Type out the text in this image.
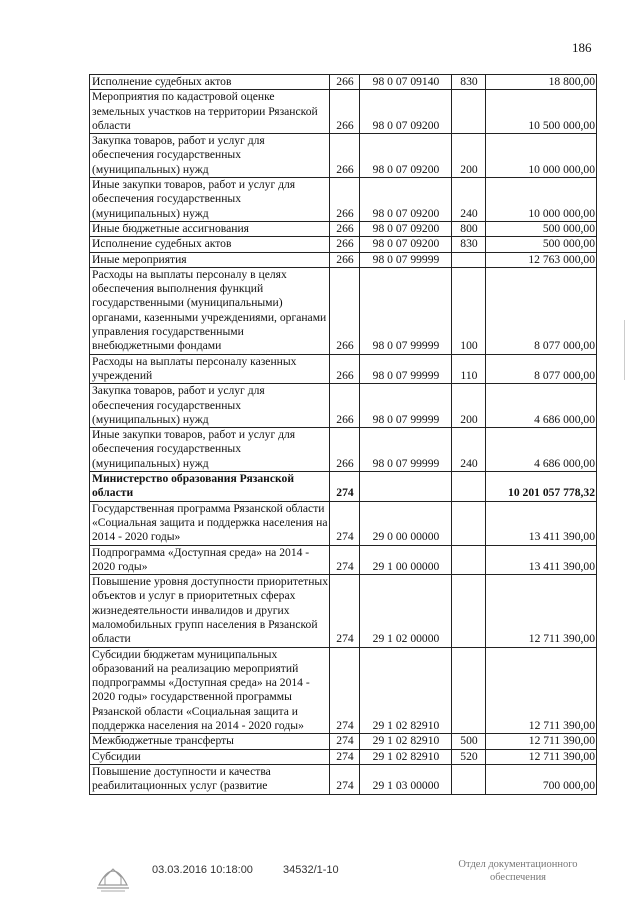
186
Исполнение судебных актов	266	98 0 07 09140	830	18 800,00
Мероприятия по кадастровой оценке земельных участков на территории Рязанской области	266	98 0 07 09200		10 500 000,00
Закупка товаров, работ и услуг для обеспечения государственных (муниципальных) нужд	266	98 0 07 09200	200	10 000 000,00
Иные закупки товаров, работ и услуг для обеспечения государственных (муниципальных) нужд	266	98 0 07 09200	240	10 000 000,00
Иные бюджетные ассигнования	266	98 0 07 09200	800	500 000,00
Исполнение судебных актов	266	98 0 07 09200	830	500 000,00
Иные мероприятия	266	98 0 07 99999		12 763 000,00
Расходы на выплаты персоналу в целях обеспечения выполнения функций государственными (муниципальными) органами, казенными учреждениями, органами управления государственными внебюджетными фондами	266	98 0 07 99999	100	8 077 000,00
Расходы на выплаты персоналу казенных учреждений	266	98 0 07 99999	110	8 077 000,00
Закупка товаров, работ и услуг для обеспечения государственных (муниципальных) нужд	266	98 0 07 99999	200	4 686 000,00
Иные закупки товаров, работ и услуг для обеспечения государственных (муниципальных) нужд	266	98 0 07 99999	240	4 686 000,00
Министерство образования Рязанской области	274			10 201 057 778,32
Государственная программа Рязанской области «Социальная защита и поддержка населения на 2014 - 2020 годы»	274	29 0 00 00000		13 411 390,00
Подпрограмма «Доступная среда» на 2014 - 2020 годы»	274	29 1 00 00000		13 411 390,00
Повышение уровня доступности приоритетных объектов и услуг в приоритетных сферах жизнедеятельности инвалидов и других маломобильных групп населения в Рязанской области	274	29 1 02 00000		12 711 390,00
Субсидии бюджетам муниципальных образований на реализацию мероприятий подпрограммы «Доступная среда» на 2014 - 2020 годы» государственной программы Рязанской области «Социальная защита и поддержка населения на 2014 - 2020 годы»	274	29 1 02 82910		12 711 390,00
Межбюджетные трансферты	274	29 1 02 82910	500	12 711 390,00
Субсидии	274	29 1 02 82910	520	12 711 390,00
Повышение доступности и качества реабилитационных услуг (развитие	274	29 1 03 00000		700 000,00
03.03.2016 10:18:00	34532/1-10	Отдел документационного
обеспечения
